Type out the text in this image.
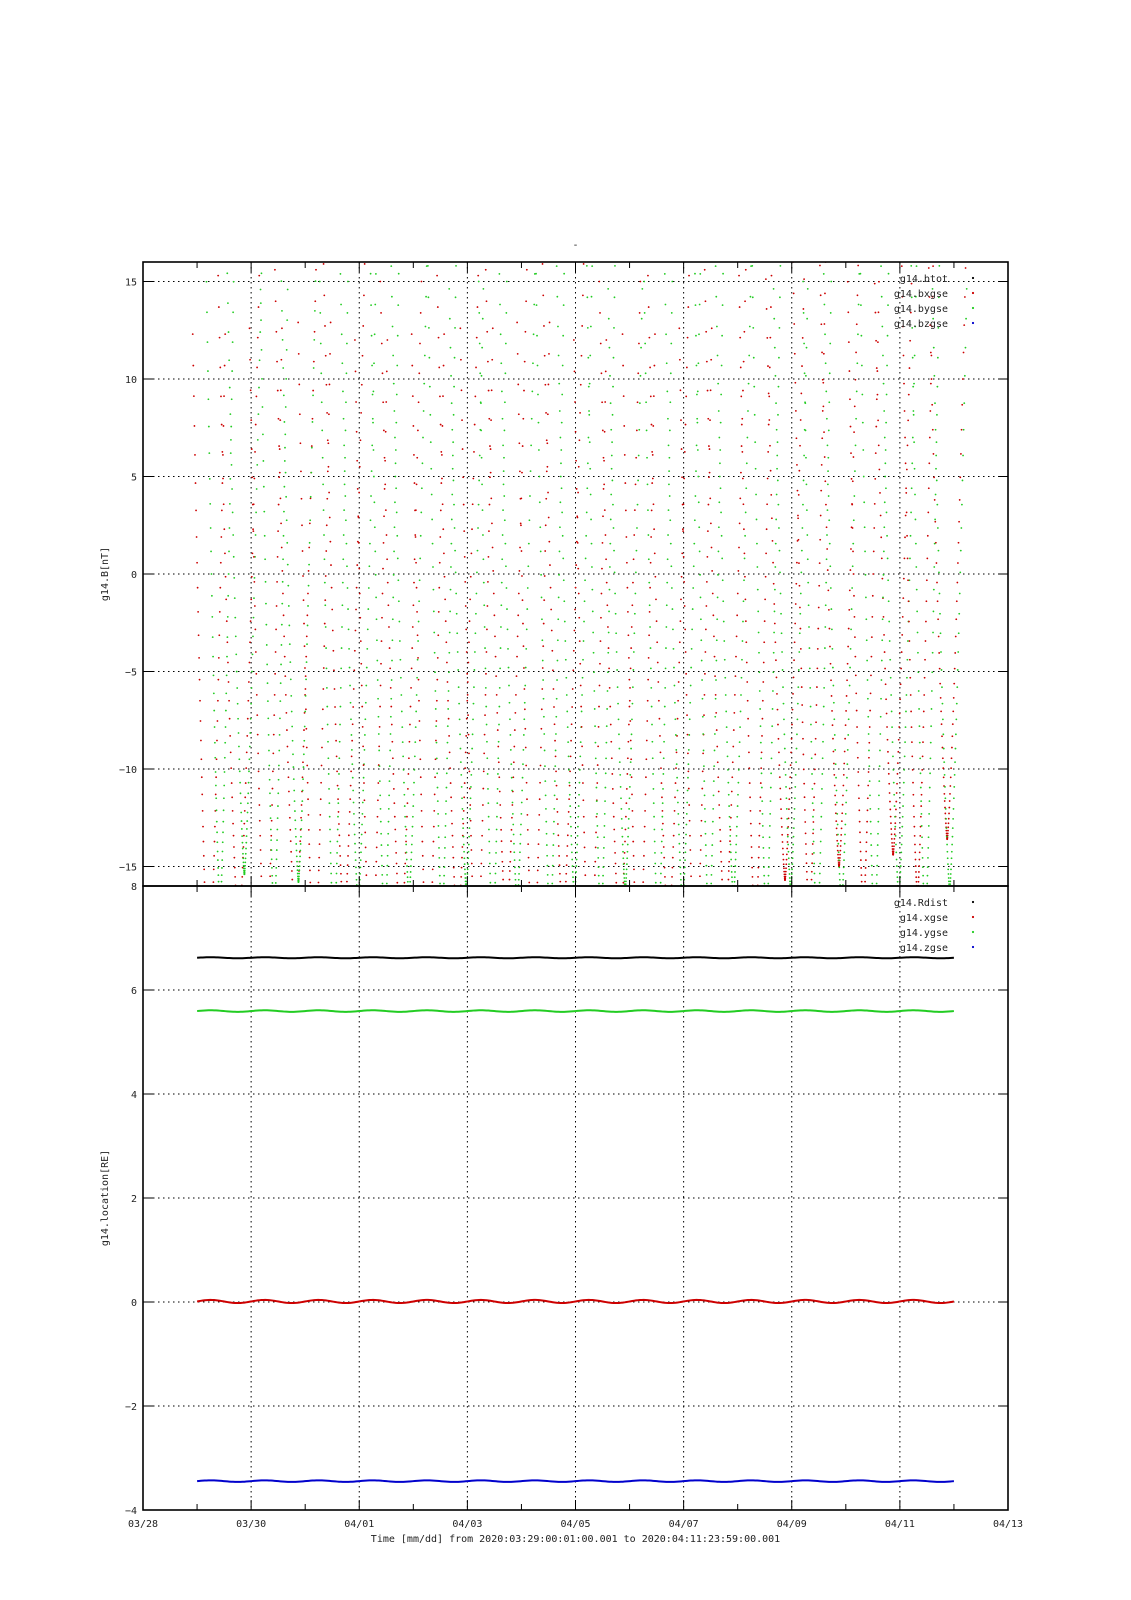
-
15
10
5
0
−5
−10
−15
g14.btot
g14.bxgse
g14.bygse
g14.bzgse
g14.B[nT]
8
6
4
2
0
−2
−4
g14.Rdist
g14.xgse
g14.ygse
g14.zgse
g14.location[RE]
03/28	03/30	04/01	04/03	04/05	04/07	04/09	04/11	04/13
Time [mm/dd] from 2020:03:29:00:01:00.001 to 2020:04:11:23:59:00.001
